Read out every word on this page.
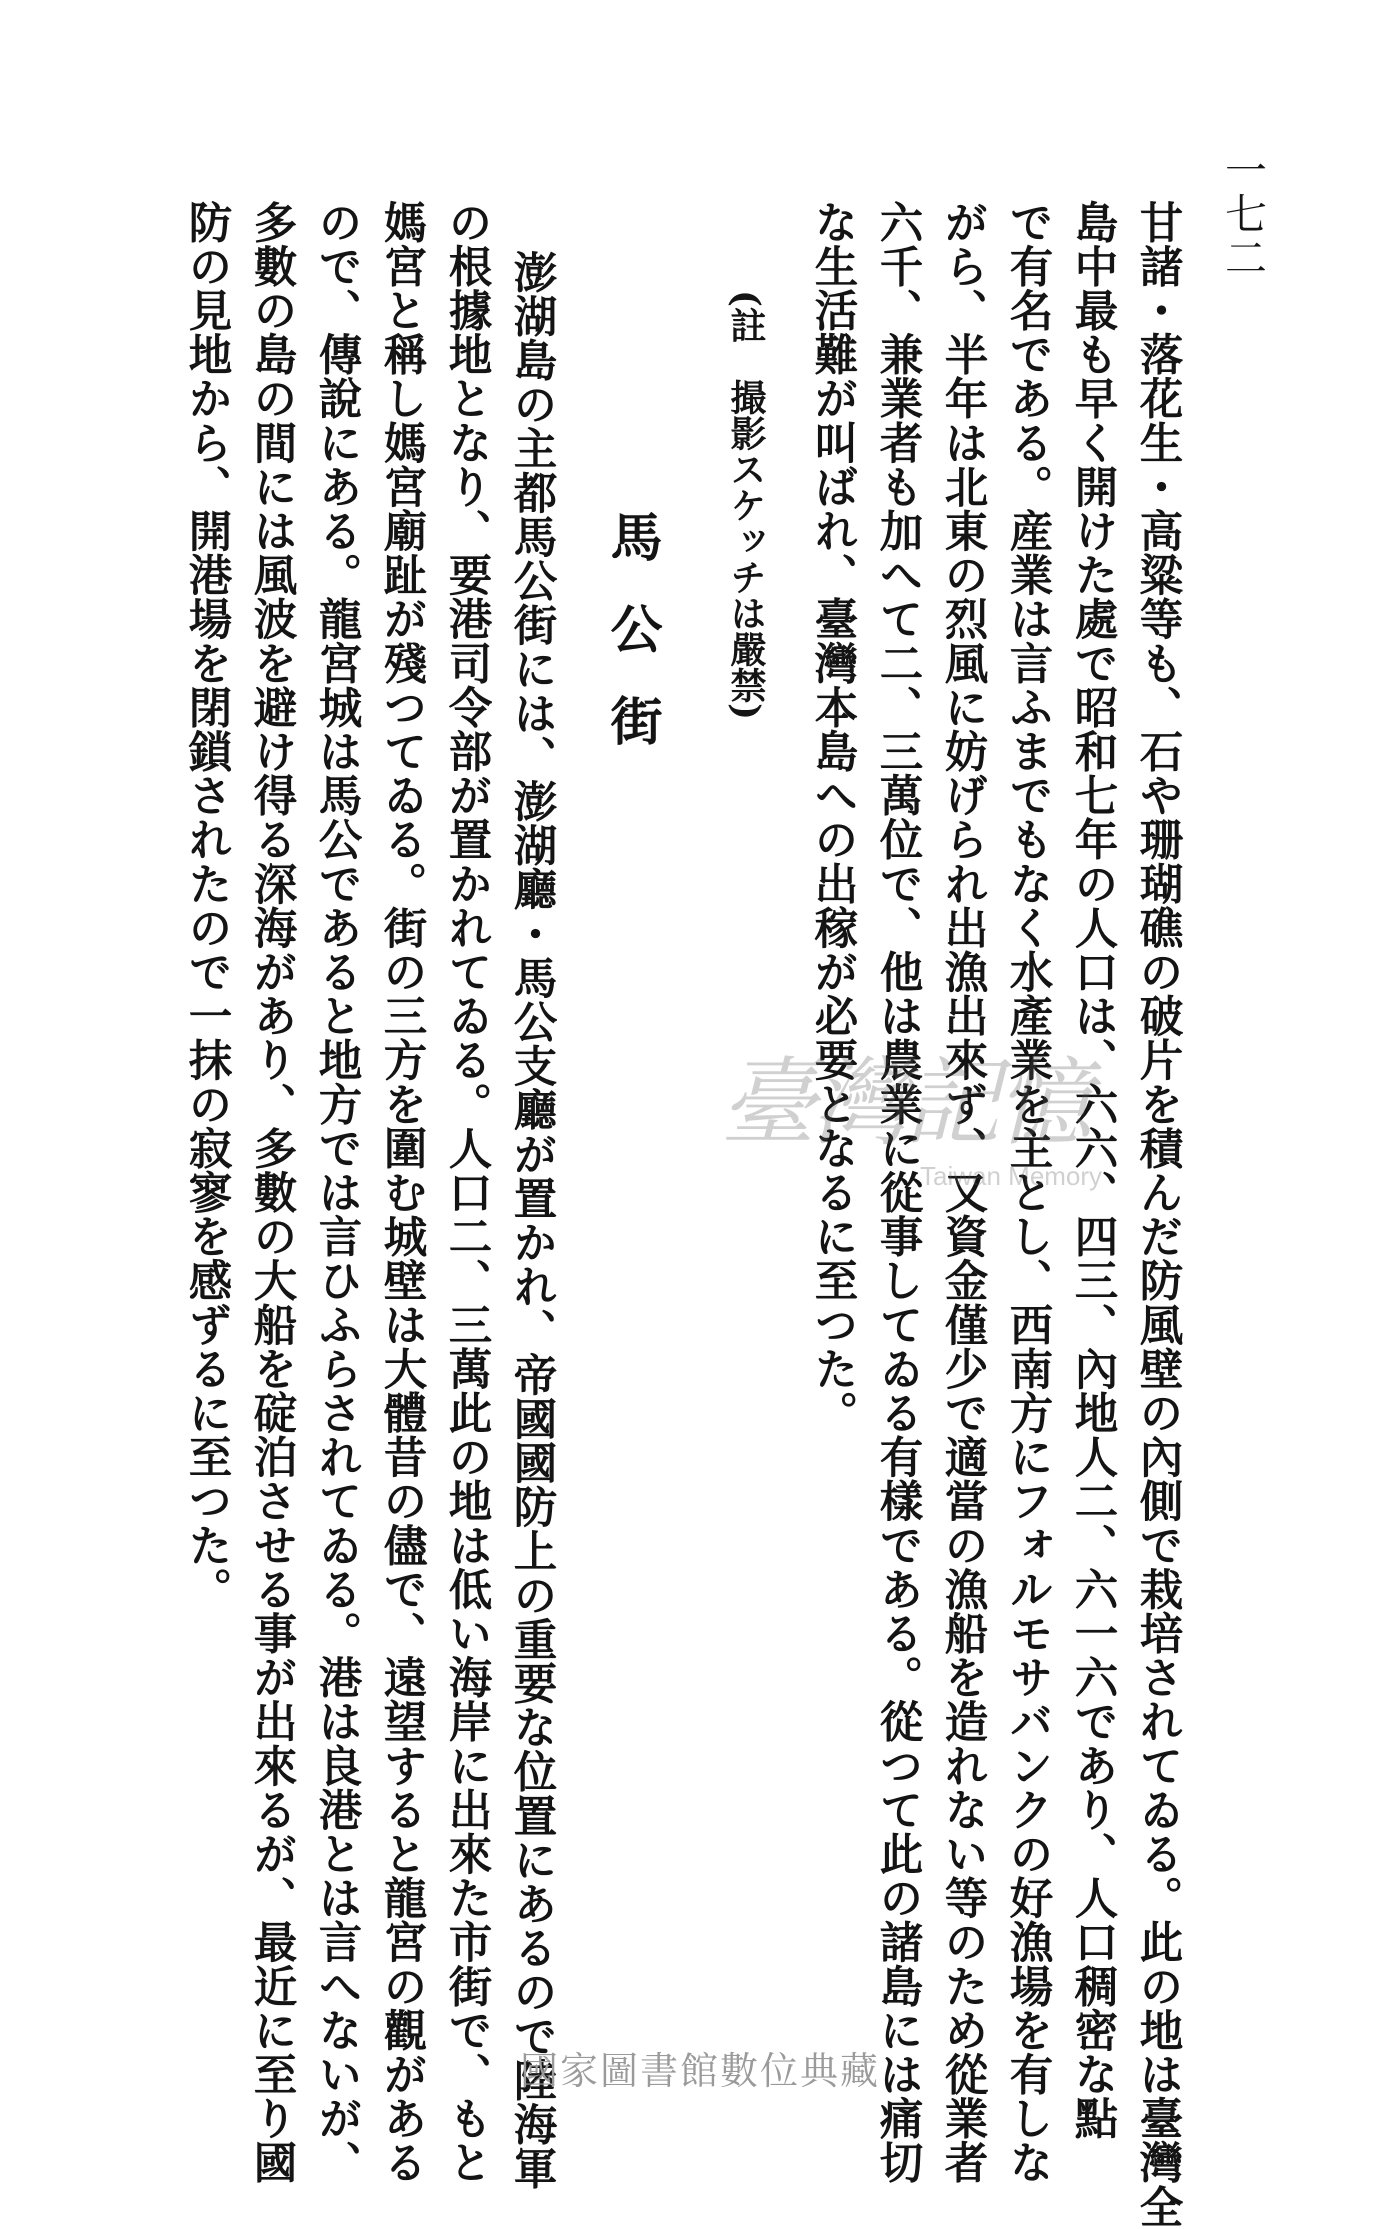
一七二
甘諸・落花生・高粱等も、石や珊瑚礁の破片を積んだ防風壁の內側で栽培されてゐる。此の地は臺灣全
島中最も早く開けた處で昭和七年の人口は、六六、四三、內地人二、六一六であり、人口稠密な點
で有名である。産業は言ふまでもなく水產業を主とし、西南方にフォルモサバンクの好漁場を有しな
がら、半年は北東の烈風に妨げられ出漁出來ず、又資金僅少で適當の漁船を造れない等のため從業者
六千、兼業者も加へて二、三萬位で、他は農業に從事してゐる有樣である。從つて此の諸島には痛切
な生活難が叫ばれ、臺灣本島への出稼が必要となるに至つた。
(註　撮影スケッチは嚴禁)
馬公街
澎湖島の主都馬公街には、澎湖廳・馬公支廳が置かれ、帝國國防上の重要な位置にあるので陸海軍
の根據地となり、要港司令部が置かれてゐる。人口二、三萬此の地は低い海岸に出來た市街で、もと
媽宮と稱し媽宮廟趾が殘つてゐる。街の三方を圍む城壁は大體昔の儘で、遠望すると龍宮の觀がある
ので、傳說にある。龍宮城は馬公であると地方では言ひふらされてゐる。港は良港とは言へないが、
多數の島の間には風波を避け得る深海があり、多數の大船を碇泊させる事が出來るが、最近に至り國
防の見地から、開港場を閉鎖されたので一抹の寂寥を感ずるに至つた。	臺灣記憶
Taiwan Memory
國家圖書館數位典藏
